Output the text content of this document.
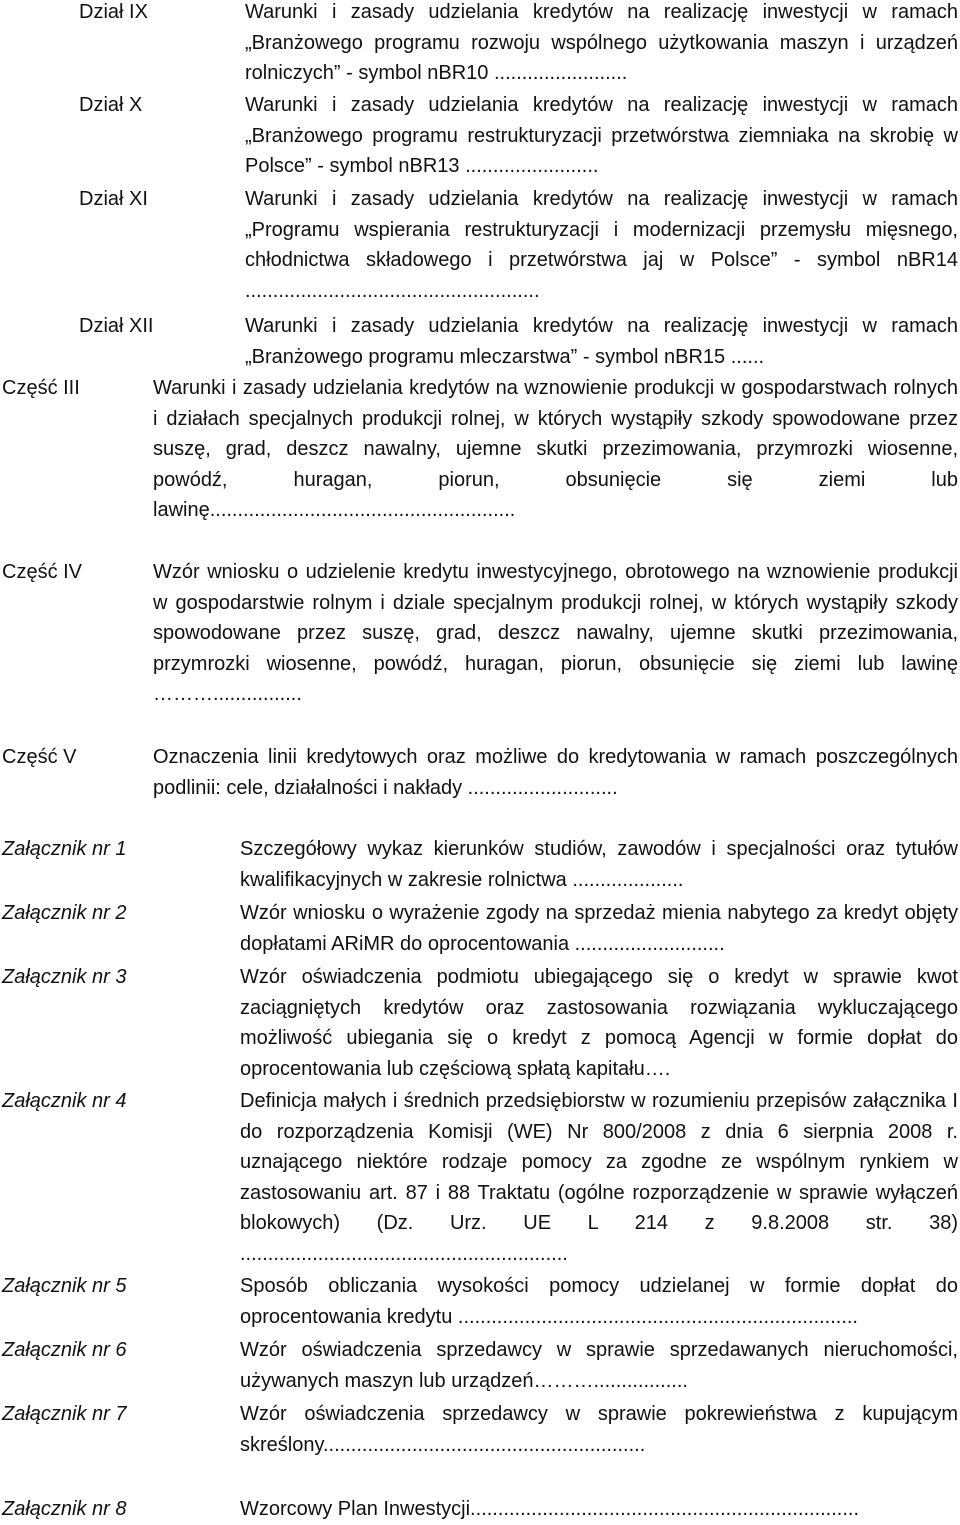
Dział IX	Warunki i zasady udzielania kredytów na realizację inwestycji w ramach „Branżowego programu rozwoju wspólnego użytkowania maszyn i urządzeń rolniczych” - symbol nBR10 ........................
Dział X	Warunki i zasady udzielania kredytów na realizację inwestycji w ramach „Branżowego programu restrukturyzacji przetwórstwa ziemniaka na skrobię w Polsce” - symbol nBR13 ........................
Dział XI	Warunki i zasady udzielania kredytów na realizację inwestycji w ramach „Programu wspierania restrukturyzacji i modernizacji przemysłu mięsnego, chłodnictwa składowego i przetwórstwa jaj w Polsce” - symbol nBR14 .....................................................
Dział XII	Warunki i zasady udzielania kredytów na realizację inwestycji w ramach „Branżowego programu mleczarstwa” - symbol nBR15 ......
Część III	Warunki i zasady udzielania kredytów na wznowienie produkcji w gospodarstwach rolnych i działach specjalnych produkcji rolnej, w których wystąpiły szkody spowodowane przez suszę, grad, deszcz nawalny, ujemne skutki przezimowania, przymrozki wiosenne, powódź, huragan, piorun, obsunięcie się ziemi lub lawinę.......................................................
Część IV	Wzór wniosku o udzielenie kredytu inwestycyjnego, obrotowego na wznowienie produkcji w gospodarstwie rolnym i dziale specjalnym produkcji rolnej, w których wystąpiły szkody spowodowane przez suszę, grad, deszcz nawalny, ujemne skutki przezimowania, przymrozki wiosenne, powódź, huragan, piorun, obsunięcie się ziemi lub lawinę ………................
Część V	Oznaczenia linii kredytowych oraz możliwe do kredytowania w ramach poszczególnych podlinii: cele, działalności i nakłady ...........................
Załącznik nr 1	Szczegółowy wykaz kierunków studiów, zawodów i specjalności oraz tytułów kwalifikacyjnych w zakresie rolnictwa ....................
Załącznik nr 2	Wzór wniosku o wyrażenie zgody na sprzedaż mienia nabytego za kredyt objęty dopłatami ARiMR do oprocentowania ...........................
Załącznik nr 3	Wzór oświadczenia podmiotu ubiegającego się o kredyt w sprawie kwot zaciągniętych kredytów oraz zastosowania rozwiązania wykluczającego możliwość ubiegania się o kredyt z pomocą Agencji w formie dopłat do oprocentowania lub częściową spłatą kapitału….
Załącznik nr 4	Definicja małych i średnich przedsiębiorstw w rozumieniu przepisów załącznika I do rozporządzenia Komisji (WE) Nr 800/2008 z dnia 6 sierpnia 2008 r. uznającego niektóre rodzaje pomocy za zgodne ze wspólnym rynkiem w zastosowaniu art. 87 i 88 Traktatu (ogólne rozporządzenie w sprawie wyłączeń blokowych) (Dz. Urz. UE L 214 z 9.8.2008 str. 38) ...........................................................
Załącznik nr 5	Sposób obliczania wysokości pomocy udzielanej w formie dopłat do oprocentowania kredytu ........................................................................
Załącznik nr 6	Wzór oświadczenia sprzedawcy w sprawie sprzedawanych nieruchomości, używanych maszyn lub urządzeń……….................
Załącznik nr 7	Wzór oświadczenia sprzedawcy w sprawie pokrewieństwa z kupującym skreślony..........................................................
Załącznik nr 8	Wzorcowy Plan Inwestycji......................................................................
